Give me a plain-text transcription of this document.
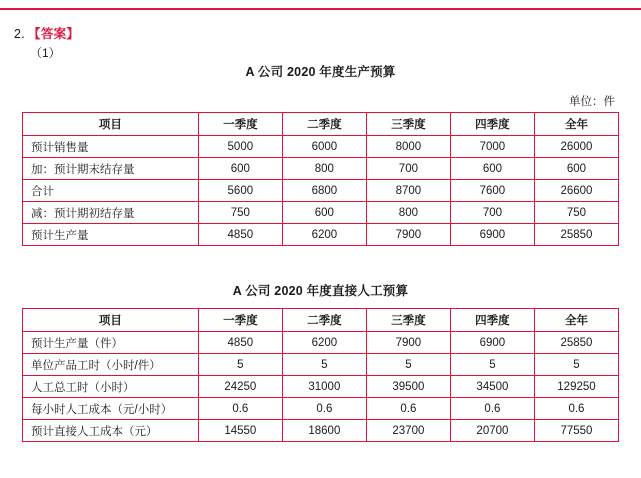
2. 【答案】
（1）
A 公司 2020 年度生产预算
单位：件
项目	一季度	二季度	三季度	四季度	全年
预计销售量	5000	6000	8000	7000	26000
加：预计期末结存量	600	800	700	600	600
合计	5600	6800	8700	7600	26600
减：预计期初结存量	750	600	800	700	750
预计生产量	4850	6200	7900	6900	25850
A 公司 2020 年度直接人工预算
项目	一季度	二季度	三季度	四季度	全年
预计生产量（件）	4850	6200	7900	6900	25850
单位产品工时（小时/件）	5	5	5	5	5
人工总工时（小时）	24250	31000	39500	34500	129250
每小时人工成本（元/小时）	0.6	0.6	0.6	0.6	0.6
预计直接人工成本（元）	14550	18600	23700	20700	77550
